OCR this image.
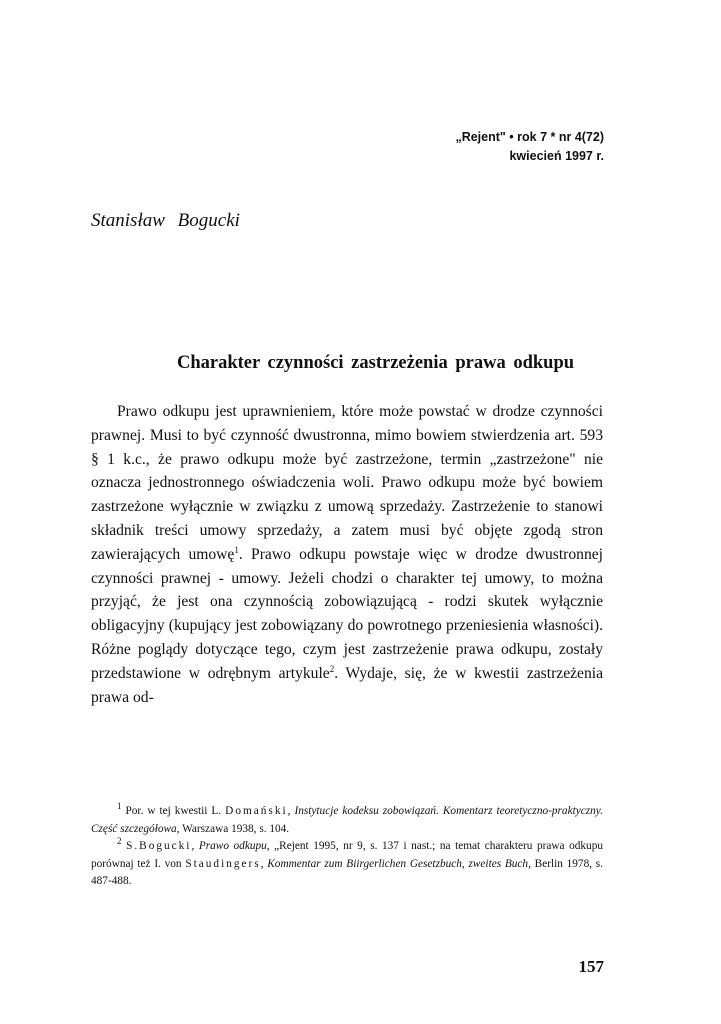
„Rejent" • rok 7 * nr 4(72)
kwiecień 1997 r.
Stanisław Bogucki
Charakter czynności zastrzeżenia prawa odkupu

Prawo odkupu jest uprawnieniem, które może powstać w drodze czynności prawnej. Musi to być czynność dwustronna, mimo bowiem stwierdzenia art. 593 § 1 k.c., że prawo odkupu może być zastrzeżone, termin „zastrzeżone" nie oznacza jednostronnego oświadczenia woli. Prawo odkupu może być bowiem zastrzeżone wyłącznie w związku z umową sprzedaży. Zastrzeżenie to stanowi składnik treści umowy sprzedaży, a zatem musi być objęte zgodą stron zawierających umowę$^1$. Prawo odkupu powstaje więc w drodze dwustronnej czynności prawnej - umowy. Jeżeli chodzi o charakter tej umowy, to można przyjąć, że jest ona czynnością zobowiązującą - rodzi skutek wyłącznie obligacyjny (kupujący jest zobowiązany do powrotnego przeniesienia własności). Różne poglądy dotyczące tego, czym jest zastrzeżenie prawa odkupu, zostały przedstawione w odrębnym artykule$^2$. Wydaje, się, że w kwestii zastrzeżenia prawa od-

$^1$ Por. w tej kwestii L. Domański, Instytucje kodeksu zobowiązań. Komentarz teoretyczno-praktyczny. Część szczegółowa, Warszawa 1938, s. 104.

$^2$ S.Bogucki, Prawo odkupu, „Rejent 1995, nr 9, s. 137 i nast.; na temat charakteru prawa odkupu porównaj też I. von Staudingers, Kommentar zum Biirgerlichen Gesetzbuch, zweites Buch, Berlin 1978, s. 487-488.

157
